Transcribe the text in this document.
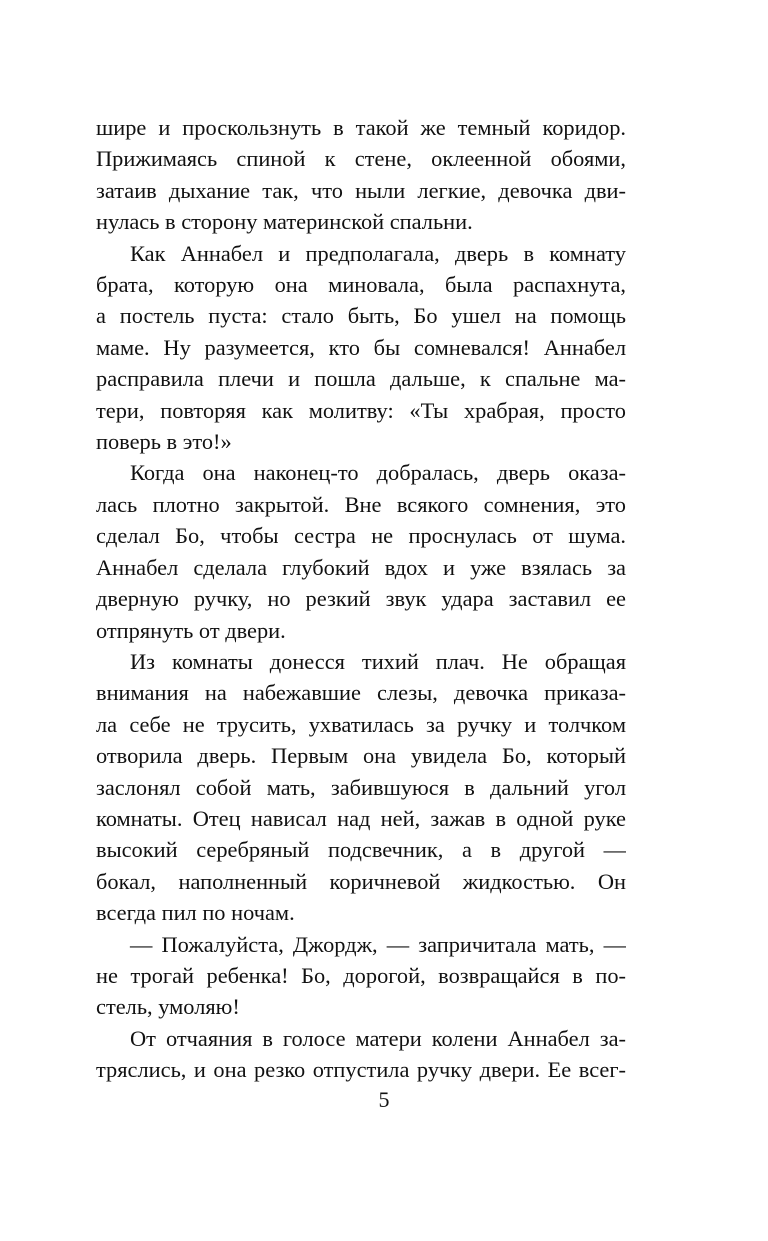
шире и проскользнуть в такой же темный коридор.
Прижимаясь спиной к стене, оклеенной обоями,
затаив дыхание так, что ныли легкие, девочка дви-
нулась в сторону материнской спальни.
Как Аннабел и предполагала, дверь в комнату
брата, которую она миновала, была распахнута,
а постель пуста: стало быть, Бо ушел на помощь
маме. Ну разумеется, кто бы сомневался! Аннабел
расправила плечи и пошла дальше, к спальне ма-
тери, повторяя как молитву: «Ты храбрая, просто
поверь в это!»
Когда она наконец-то добралась, дверь оказа-
лась плотно закрытой. Вне всякого сомнения, это
сделал Бо, чтобы сестра не проснулась от шума.
Аннабел сделала глубокий вдох и уже взялась за
дверную ручку, но резкий звук удара заставил ее
отпрянуть от двери.
Из комнаты донесся тихий плач. Не обращая
внимания на набежавшие слезы, девочка приказа-
ла себе не трусить, ухватилась за ручку и толчком
отворила дверь. Первым она увидела Бо, который
заслонял собой мать, забившуюся в дальний угол
комнаты. Отец нависал над ней, зажав в одной руке
высокий серебряный подсвечник, а в другой —
бокал, наполненный коричневой жидкостью. Он
всегда пил по ночам.
— Пожалуйста, Джордж, — запричитала мать, —
не трогай ребенка! Бо, дорогой, возвращайся в по-
стель, умоляю!
От отчаяния в голосе матери колени Аннабел за-
тряслись, и она резко отпустила ручку двери. Ее всег-
5
